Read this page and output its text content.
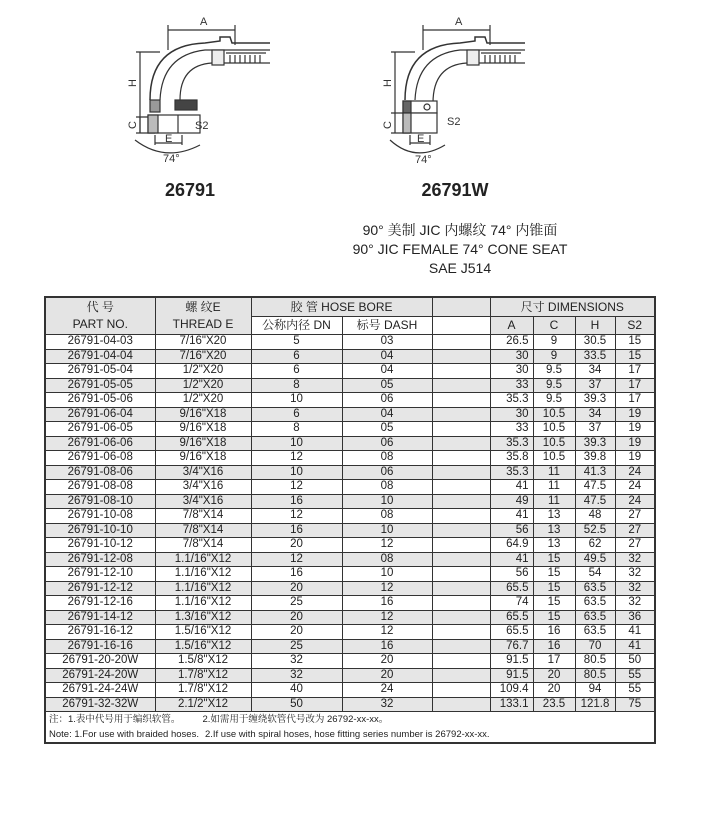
A
H
C
E
S2
74°
A
H
C
E
S2
74°
26791	26791W
90° 美制 JIC 内螺纹 74° 内锥面
90° JIC FEMALE 74° CONE SEAT
SAE J514
代 号
PART NO.	螺 纹E
THREAD E	胶 管 HOSE BORE			尺寸 DIMENSIONS			
		公称内径 DN	标号 DASH		A	C	H	S2
26791-04-03	7/16"X20	5	03		26.5	9	30.5	15
26791-04-04	7/16"X20	6	04		30	9	33.5	15
26791-05-04	1/2"X20	6	04		30	9.5	34	17
26791-05-05	1/2"X20	8	05		33	9.5	37	17
26791-05-06	1/2"X20	10	06		35.3	9.5	39.3	17
26791-06-04	9/16"X18	6	04		30	10.5	34	19
26791-06-05	9/16"X18	8	05		33	10.5	37	19
26791-06-06	9/16"X18	10	06		35.3	10.5	39.3	19
26791-06-08	9/16"X18	12	08		35.8	10.5	39.8	19
26791-08-06	3/4"X16	10	06		35.3	11	41.3	24
26791-08-08	3/4"X16	12	08		41	11	47.5	24
26791-08-10	3/4"X16	16	10		49	11	47.5	24
26791-10-08	7/8"X14	12	08		41	13	48	27
26791-10-10	7/8"X14	16	10		56	13	52.5	27
26791-10-12	7/8"X14	20	12		64.9	13	62	27
26791-12-08	1.1/16"X12	12	08		41	15	49.5	32
26791-12-10	1.1/16"X12	16	10		56	15	54	32
26791-12-12	1.1/16"X12	20	12		65.5	15	63.5	32
26791-12-16	1.1/16"X12	25	16		74	15	63.5	32
26791-14-12	1.3/16"X12	20	12		65.5	15	63.5	36
26791-16-12	1.5/16"X12	20	12		65.5	16	63.5	41
26791-16-16	1.5/16"X12	25	16		76.7	16	70	41
26791-20-20W	1.5/8"X12	32	20		91.5	17	80.5	50
26791-24-20W	1.7/8"X12	32	20		91.5	20	80.5	55
26791-24-24W	1.7/8"X12	40	24		109.4	20	94	55
26791-32-32W	2.1/2"X12	50	32		133.1	23.5	121.8	75
注：1.表中代号用于编织软管。 2.如需用于缠绕软管代号改为 26792-xx-xx。
Note: 1.For use with braided hoses. 2.If use with spiral hoses, hose fitting series number is 26792-xx-xx.								
